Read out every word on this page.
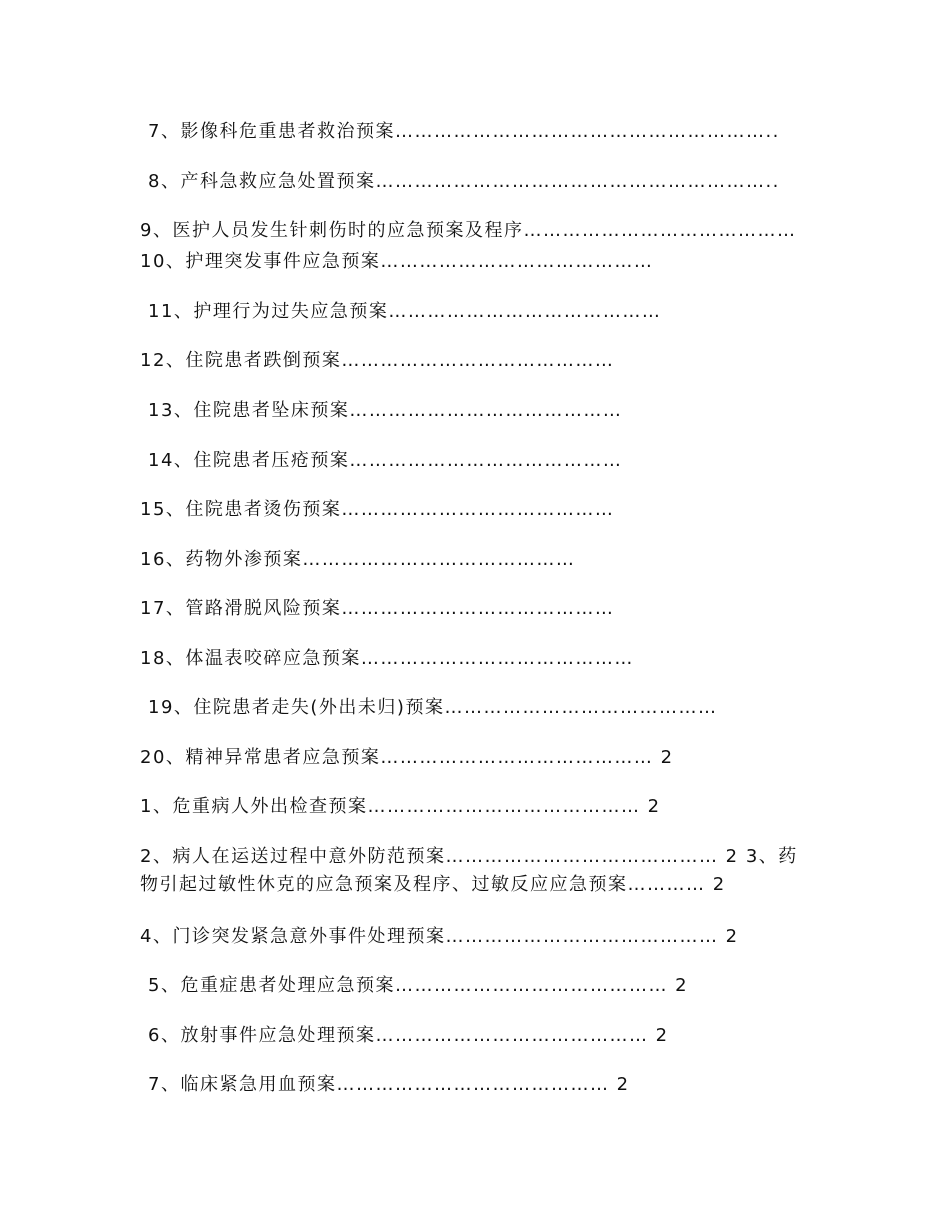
7、影像科危重患者救治预案…………………………………………………..

8、产科急救应急处置预案……………………………………………………..

9、医护人员发生针刺伤时的应急预案及程序……………………………………

10、护理突发事件应急预案……………………………………

11、护理行为过失应急预案……………………………………

12、住院患者跌倒预案……………………………………

13、住院患者坠床预案……………………………………

14、住院患者压疮预案……………………………………

15、住院患者烫伤预案……………………………………

16、药物外渗预案……………………………………

17、管路滑脱风险预案……………………………………

18、体温表咬碎应急预案……………………………………

19、住院患者走失(外出未归)预案……………………………………

20、精神异常患者应急预案…………………………………… 2

1、危重病人外出检查预案…………………………………… 2

2、病人在运送过程中意外防范预案…………………………………… 2 3、药物引起过敏性休克的应急预案及程序、过敏反应应急预案………… 2

4、门诊突发紧急意外事件处理预案…………………………………… 2

5、危重症患者处理应急预案…………………………………… 2

6、放射事件应急处理预案…………………………………… 2

7、临床紧急用血预案…………………………………… 2
